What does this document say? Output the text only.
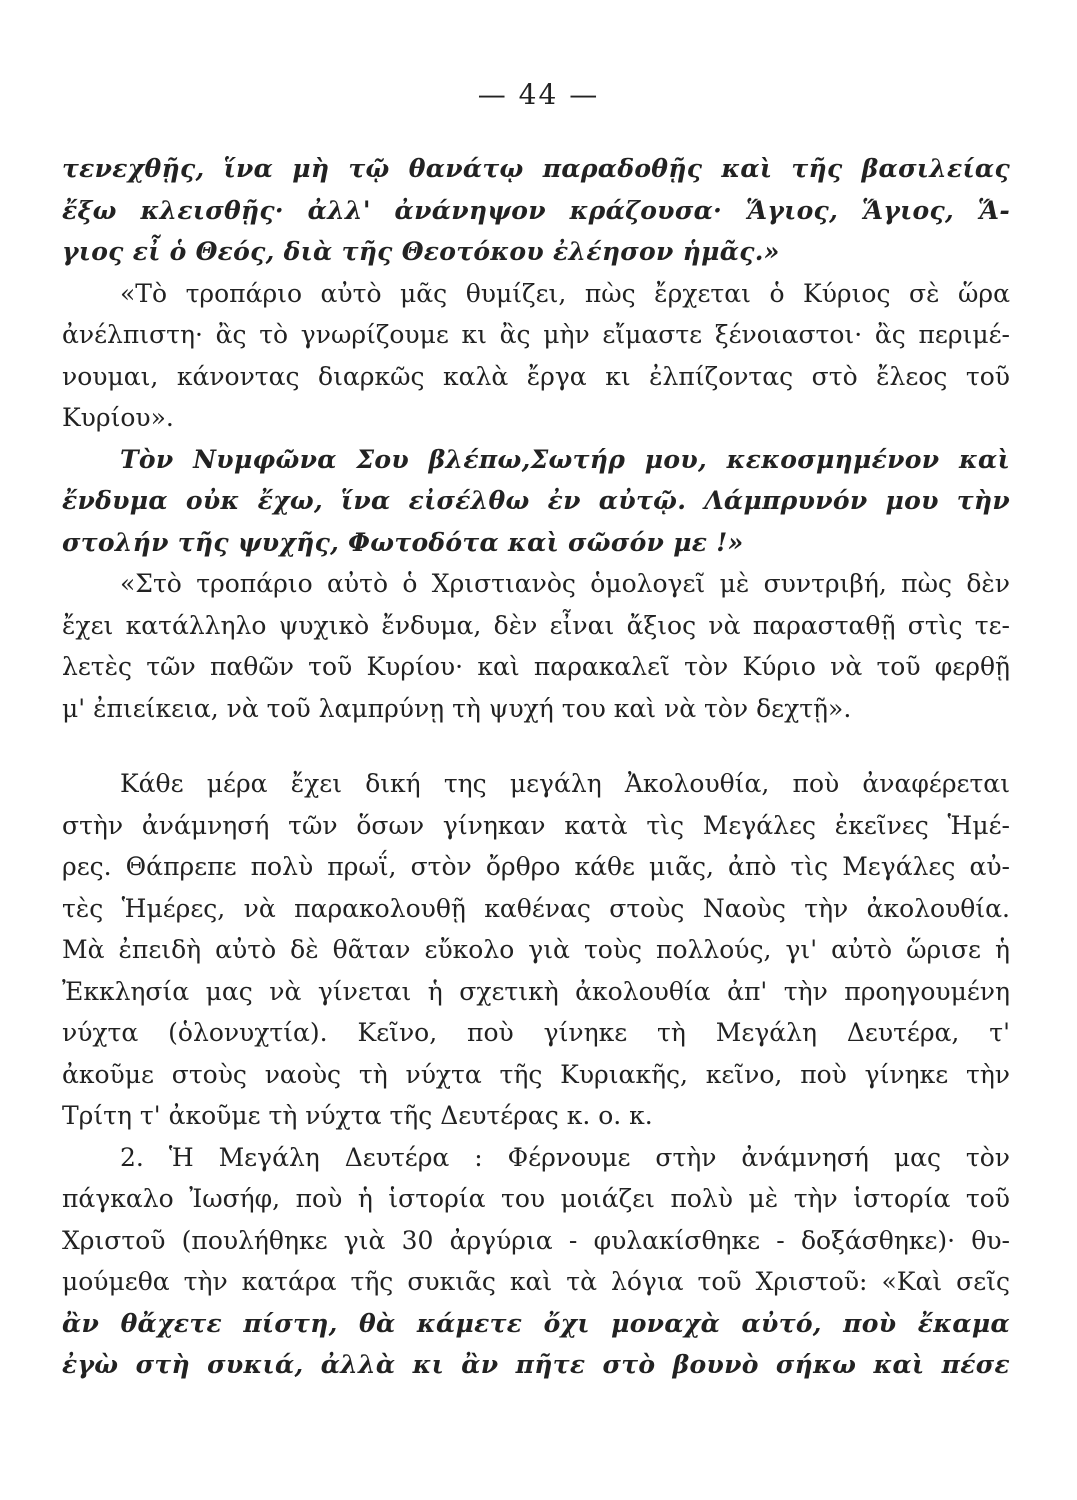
— 44 —
τενεχθῇς, ἵνα μὴ τῷ θανάτῳ παραδοθῇς καὶ τῆς βασιλείας
ἔξω κλεισθῇς· ἀλλ' ἀνάνηψον κράζουσα· Ἅγιος, Ἅγιος, Ἅ-
γιος εἶ ὁ Θεός, διὰ τῆς Θεοτόκου ἐλέησον ἡμᾶς.»
«Τὸ τροπάριο αὐτὸ μᾶς θυμίζει, πὼς ἔρχεται ὁ Κύριος σὲ ὥρα
ἀνέλπιστη· ἂς τὸ γνωρίζουμε κι ἂς μὴν εἴμαστε ξένοιαστοι· ἂς περιμέ-
νουμαι, κάνοντας διαρκῶς καλὰ ἔργα κι ἐλπίζοντας στὸ ἔλεος τοῦ
Κυρίου».
Τὸν Νυμφῶνα Σου βλέπω,Σωτήρ μου, κεκοσμημένον καὶ
ἔνδυμα οὐκ ἔχω, ἵνα εἰσέλθω ἐν αὐτῷ. Λάμπρυνόν μου τὴν
στολήν τῆς ψυχῆς, Φωτοδότα καὶ σῶσόν με !»
«Στὸ τροπάριο αὐτὸ ὁ Χριστιανὸς ὁμολογεῖ μὲ συντριβή, πὼς δὲν
ἔχει κατάλληλο ψυχικὸ ἔνδυμα, δὲν εἶναι ἄξιος νὰ παρασταθῇ στὶς τε-
λετὲς τῶν παθῶν τοῦ Κυρίου· καὶ παρακαλεῖ τὸν Κύριο νὰ τοῦ φερθῇ
μ' ἐπιείκεια, νὰ τοῦ λαμπρύνῃ τὴ ψυχή του καὶ νὰ τὸν δεχτῇ».
Κάθε μέρα ἔχει δική της μεγάλη Ἀκολουθία, ποὺ ἀναφέρεται
στὴν ἀνάμνησή τῶν ὅσων γίνηκαν κατὰ τὶς Μεγάλες ἐκεῖνες Ἡμέ-
ρες. Θάπρεπε πολὺ πρωΐ, στὸν ὄρθρο κάθε μιᾶς, ἀπὸ τὶς Μεγάλες αὐ-
τὲς Ἡμέρες, νὰ παρακολουθῇ καθένας στοὺς Ναοὺς τὴν ἀκολουθία.
Μὰ ἐπειδὴ αὐτὸ δὲ θᾶταν εὔκολο γιὰ τοὺς πολλούς, γι' αὐτὸ ὥρισε ἡ
Ἐκκλησία μας νὰ γίνεται ἡ σχετικὴ ἀκολουθία ἀπ' τὴν προηγουμένη
νύχτα (ὁλονυχτία). Κεῖνο, ποὺ γίνηκε τὴ Μεγάλη Δευτέρα, τ'
ἀκοῦμε στοὺς ναοὺς τὴ νύχτα τῆς Κυριακῆς, κεῖνο, ποὺ γίνηκε τὴν
Τρίτη τ' ἀκοῦμε τὴ νύχτα τῆς Δευτέρας κ. ο. κ.
2. Ἡ Μεγάλη Δευτέρα : Φέρνουμε στὴν ἀνάμνησή μας τὸν
πάγκαλο Ἰωσήφ, ποὺ ἡ ἱστορία του μοιάζει πολὺ μὲ τὴν ἱστορία τοῦ
Χριστοῦ (πουλήθηκε γιὰ 30 ἀργύρια - φυλακίσθηκε - δοξάσθηκε)· θυ-
μούμεθα τὴν κατάρα τῆς συκιᾶς καὶ τὰ λόγια τοῦ Χριστοῦ: «Καὶ σεῖς
ἂν θἄχετε πίστη, θὰ κάμετε ὄχι μοναχὰ αὐτό, ποὺ ἔκαμα
ἐγὼ στὴ συκιά, ἀλλὰ κι ἂν πῆτε στὸ βουνὸ σήκω καὶ πέσε
